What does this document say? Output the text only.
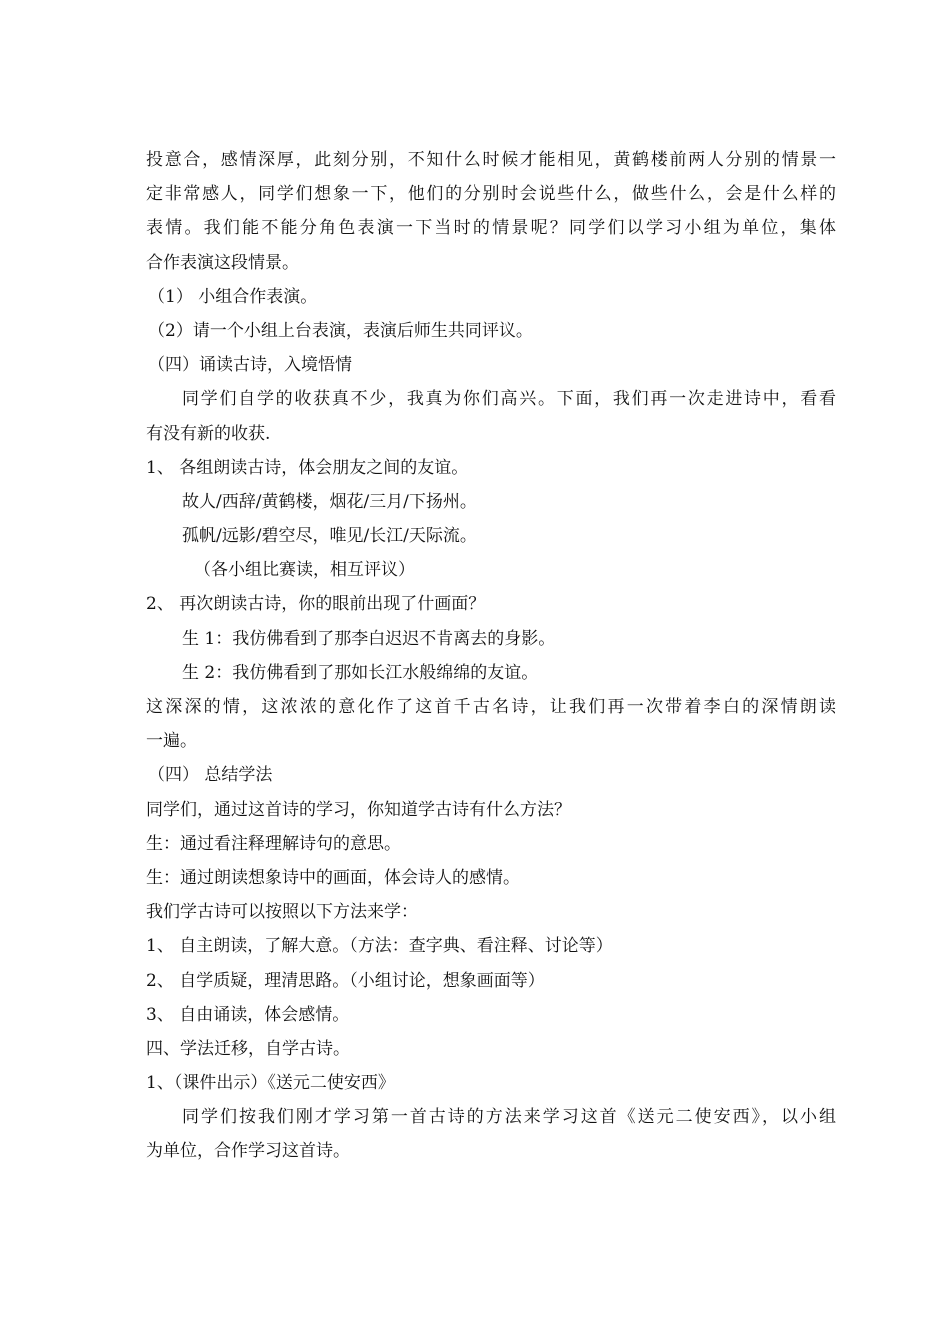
投意合，感情深厚，此刻分别，不知什么时候才能相见，黄鹤楼前两人分别的情景一
定非常感人，同学们想象一下，他们的分别时会说些什么，做些什么，会是什么样的
表情。我们能不能分角色表演一下当时的情景呢？同学们以学习小组为单位，集体
合作表演这段情景。
（1） 小组合作表演。
（2）请一个小组上台表演，表演后师生共同评议。
（四）诵读古诗，入境悟情
同学们自学的收获真不少，我真为你们高兴。下面，我们再一次走进诗中，看看
有没有新的收获.
1、 各组朗读古诗，体会朋友之间的友谊。
故人/西辞/黄鹤楼，烟花/三月/下扬州。
孤帆/远影/碧空尽，唯见/长江/天际流。
（各小组比赛读，相互评议）
2、 再次朗读古诗，你的眼前出现了什画面？
生 1：我仿佛看到了那李白迟迟不肯离去的身影。
生 2：我仿佛看到了那如长江水般绵绵的友谊。
这深深的情，这浓浓的意化作了这首千古名诗，让我们再一次带着李白的深情朗读
一遍。
（四） 总结学法
同学们，通过这首诗的学习，你知道学古诗有什么方法？
生：通过看注释理解诗句的意思。
生：通过朗读想象诗中的画面，体会诗人的感情。
我们学古诗可以按照以下方法来学：
1、 自主朗读，了解大意。（方法：查字典、看注释、讨论等）
2、 自学质疑，理清思路。（小组讨论，想象画面等）
3、 自由诵读，体会感情。
四、学法迁移，自学古诗。
1、（课件出示）《送元二使安西》
同学们按我们刚才学习第一首古诗的方法来学习这首《送元二使安西》，以小组
为单位，合作学习这首诗。
